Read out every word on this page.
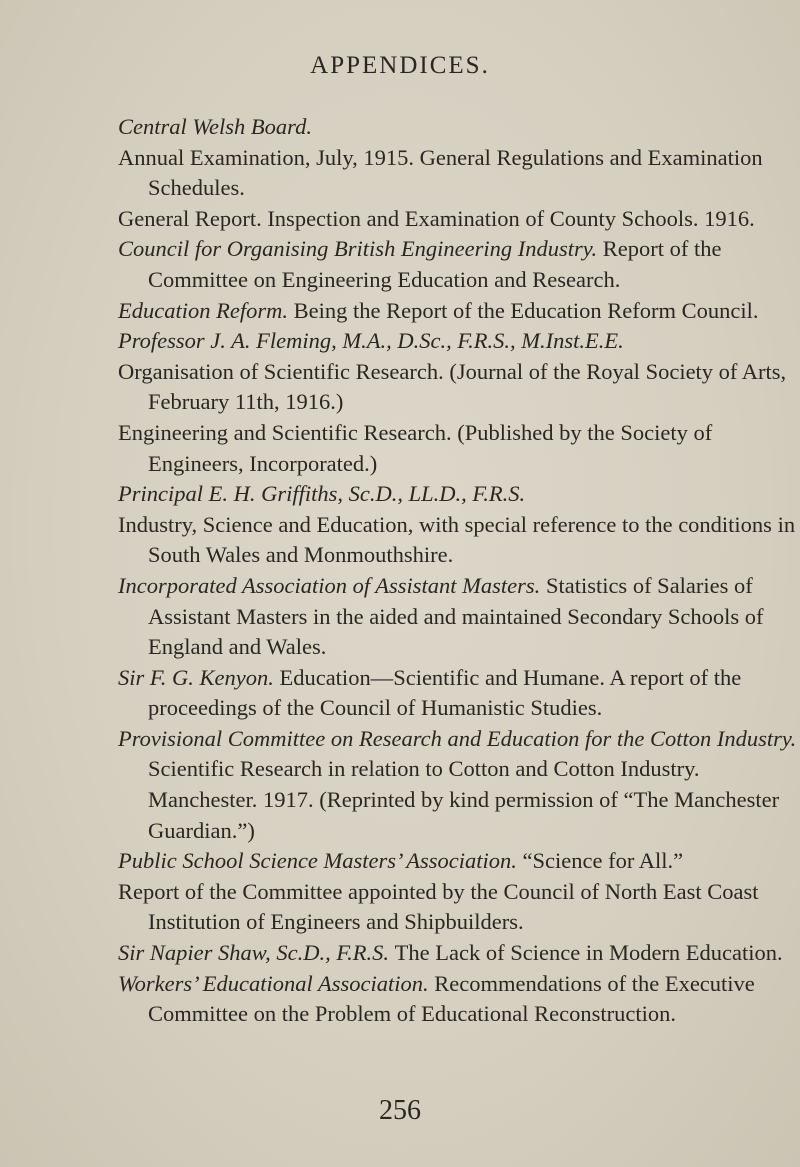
APPENDICES.

Central Welsh Board.

Annual Examination, July, 1915. General Regulations and Examination Schedules.

General Report. Inspection and Examination of County Schools. 1916.

Council for Organising British Engineering Industry. Report of the Committee on Engineering Education and Research.

Education Reform. Being the Report of the Education Reform Council.

Professor J. A. Fleming, M.A., D.Sc., F.R.S., M.Inst.E.E.

Organisation of Scientific Research. (Journal of the Royal Society of Arts, February 11th, 1916.)

Engineering and Scientific Research. (Published by the Society of Engineers, Incorporated.)

Principal E. H. Griffiths, Sc.D., LL.D., F.R.S.

Industry, Science and Education, with special reference to the conditions in South Wales and Monmouthshire.

Incorporated Association of Assistant Masters. Statistics of Salaries of Assistant Masters in the aided and maintained Secondary Schools of England and Wales.

Sir F. G. Kenyon. Education—Scientific and Humane. A report of the proceedings of the Council of Humanistic Studies.

Provisional Committee on Research and Education for the Cotton Industry. Scientific Research in relation to Cotton and Cotton Industry. Manchester. 1917. (Reprinted by kind permission of “The Manchester Guardian.”)

Public School Science Masters’ Association. “Science for All.”

Report of the Committee appointed by the Council of North East Coast Institution of Engineers and Shipbuilders.

Sir Napier Shaw, Sc.D., F.R.S. The Lack of Science in Modern Education.

Workers’ Educational Association. Recommendations of the Executive Committee on the Problem of Educational Reconstruction.

256
